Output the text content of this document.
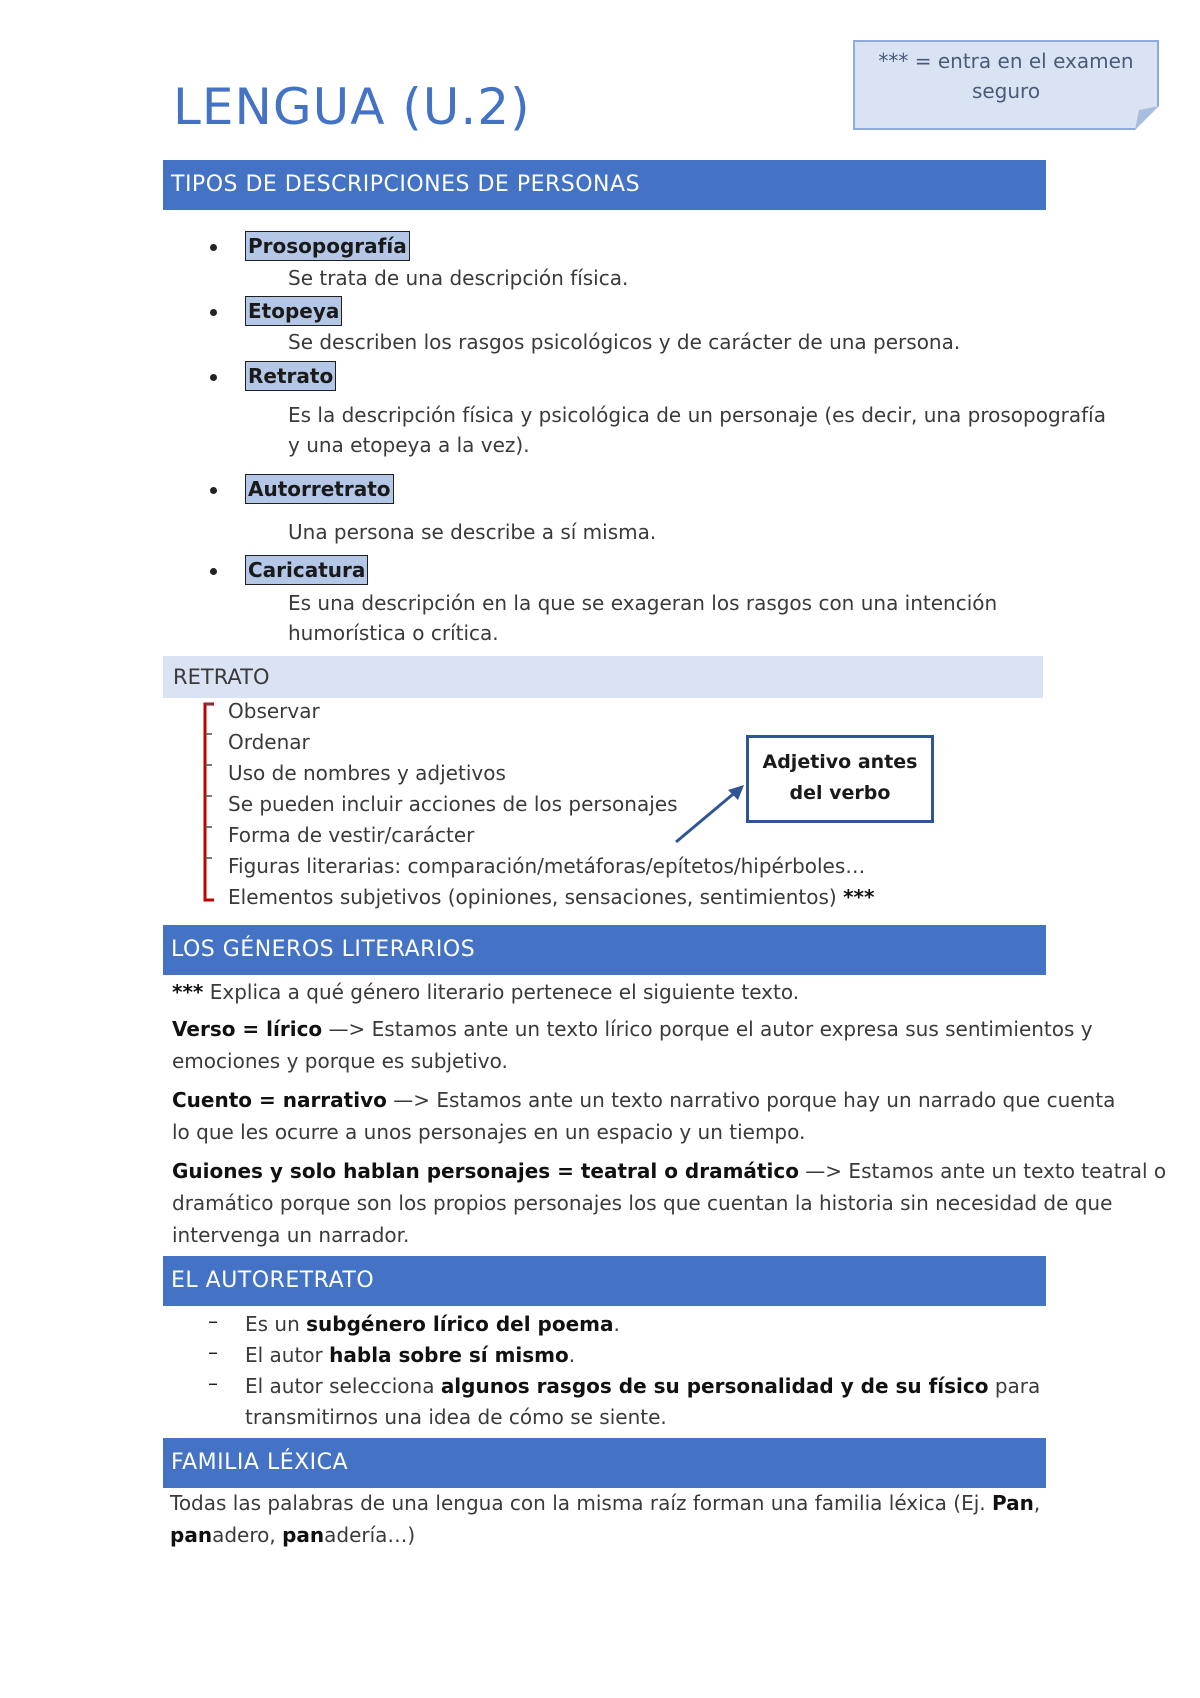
LENGUA (U.2)
*** = entra en el examen
seguro
TIPOS DE DESCRIPCIONES DE PERSONAS
Prosopografía
Se trata de una descripción física.
Etopeya
Se describen los rasgos psicológicos y de carácter de una persona.
Retrato
Es la descripción física y psicológica de un personaje (es decir, una prosopografía
y una etopeya a la vez).
Autorretrato
Una persona se describe a sí misma.
Caricatura
Es una descripción en la que se exageran los rasgos con una intención
humorística o crítica.
RETRATO
Observar
Ordenar
Uso de nombres y adjetivos
Se pueden incluir acciones de los personajes
Forma de vestir/carácter
Figuras literarias: comparación/metáforas/epítetos/hipérboles…
Elementos subjetivos (opiniones, sensaciones, sentimientos) ***
Adjetivo antes
del verbo
LOS GÉNEROS LITERARIOS
*** Explica a qué género literario pertenece el siguiente texto.
Verso = lírico —> Estamos ante un texto lírico porque el autor expresa sus sentimientos y
emociones y porque es subjetivo.
Cuento = narrativo —> Estamos ante un texto narrativo porque hay un narrado que cuenta
lo que les ocurre a unos personajes en un espacio y un tiempo.
Guiones y solo hablan personajes = teatral o dramático —> Estamos ante un texto teatral o
dramático porque son los propios personajes los que cuentan la historia sin necesidad de que
intervenga un narrador.
EL AUTORETRATO
– Es un subgénero lírico del poema.
– El autor habla sobre sí mismo.
– El autor selecciona algunos rasgos de su personalidad y de su físico para
transmitirnos una idea de cómo se siente.
FAMILIA LÉXICA
Todas las palabras de una lengua con la misma raíz forman una familia léxica (Ej. Pan, panadero, panadería…)
